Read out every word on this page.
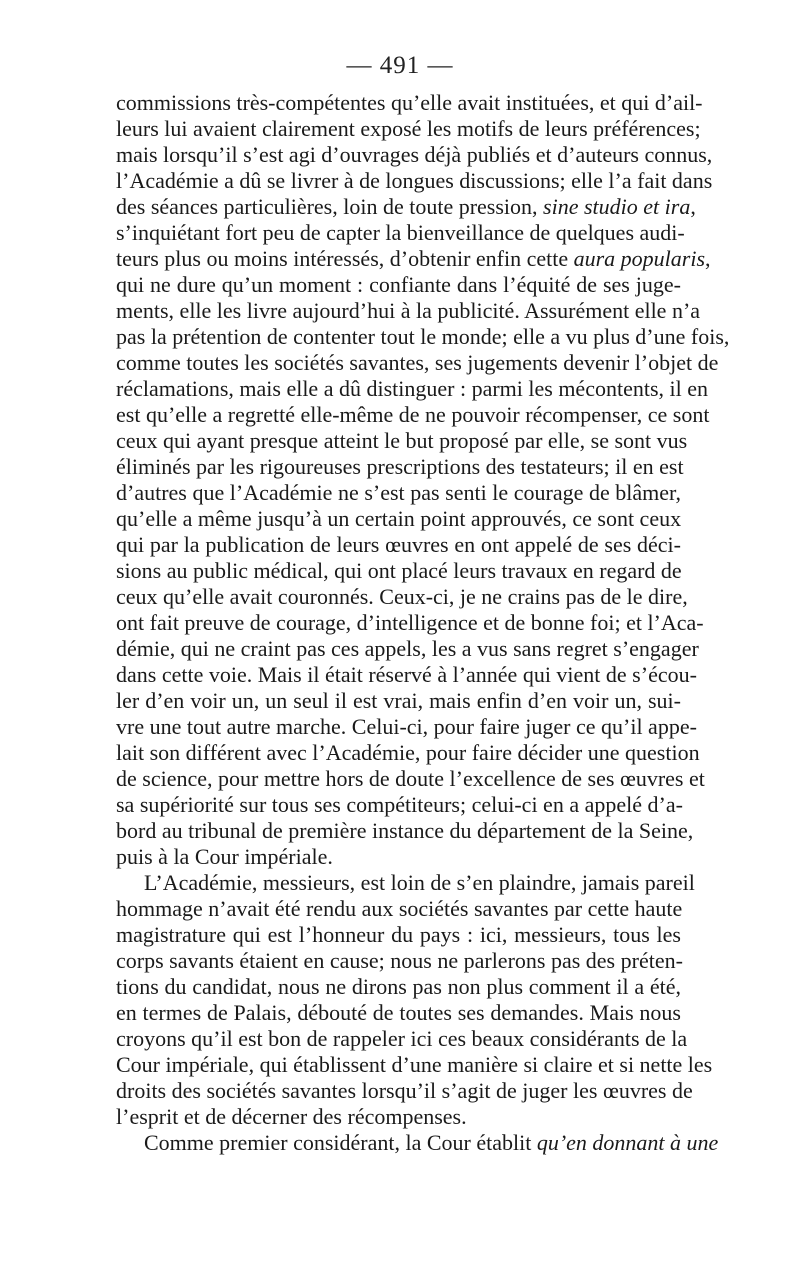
— 491 —
commissions très-compétentes qu’elle avait instituées, et qui d’ail-
leurs lui avaient clairement exposé les motifs de leurs préférences;
mais lorsqu’il s’est agi d’ouvrages déjà publiés et d’auteurs connus,
l’Académie a dû se livrer à de longues discussions; elle l’a fait dans
des séances particulières, loin de toute pression, sine studio et ira,
s’inquiétant fort peu de capter la bienveillance de quelques audi-
teurs plus ou moins intéressés, d’obtenir enfin cette aura popularis,
qui ne dure qu’un moment : confiante dans l’équité de ses juge-
ments, elle les livre aujourd’hui à la publicité. Assurément elle n’a
pas la prétention de contenter tout le monde; elle a vu plus d’une fois,
comme toutes les sociétés savantes, ses jugements devenir l’objet de
réclamations, mais elle a dû distinguer : parmi les mécontents, il en
est qu’elle a regretté elle-même de ne pouvoir récompenser, ce sont
ceux qui ayant presque atteint le but proposé par elle, se sont vus
éliminés par les rigoureuses prescriptions des testateurs; il en est
d’autres que l’Académie ne s’est pas senti le courage de blâmer,
qu’elle a même jusqu’à un certain point approuvés, ce sont ceux
qui par la publication de leurs œuvres en ont appelé de ses déci-
sions au public médical, qui ont placé leurs travaux en regard de
ceux qu’elle avait couronnés. Ceux-ci, je ne crains pas de le dire,
ont fait preuve de courage, d’intelligence et de bonne foi; et l’Aca-
démie, qui ne craint pas ces appels, les a vus sans regret s’engager
dans cette voie. Mais il était réservé à l’année qui vient de s’écou-
ler d’en voir un, un seul il est vrai, mais enfin d’en voir un, sui-
vre une tout autre marche. Celui-ci, pour faire juger ce qu’il appe-
lait son différent avec l’Académie, pour faire décider une question
de science, pour mettre hors de doute l’excellence de ses œuvres et
sa supériorité sur tous ses compétiteurs; celui-ci en a appelé d’a-
bord au tribunal de première instance du département de la Seine,
puis à la Cour impériale.
L’Académie, messieurs, est loin de s’en plaindre, jamais pareil
hommage n’avait été rendu aux sociétés savantes par cette haute
magistrature qui est l’honneur du pays : ici, messieurs, tous les
corps savants étaient en cause; nous ne parlerons pas des préten-
tions du candidat, nous ne dirons pas non plus comment il a été,
en termes de Palais, débouté de toutes ses demandes. Mais nous
croyons qu’il est bon de rappeler ici ces beaux considérants de la
Cour impériale, qui établissent d’une manière si claire et si nette les
droits des sociétés savantes lorsqu’il s’agit de juger les œuvres de
l’esprit et de décerner des récompenses.
Comme premier considérant, la Cour établit qu’en donnant à une
